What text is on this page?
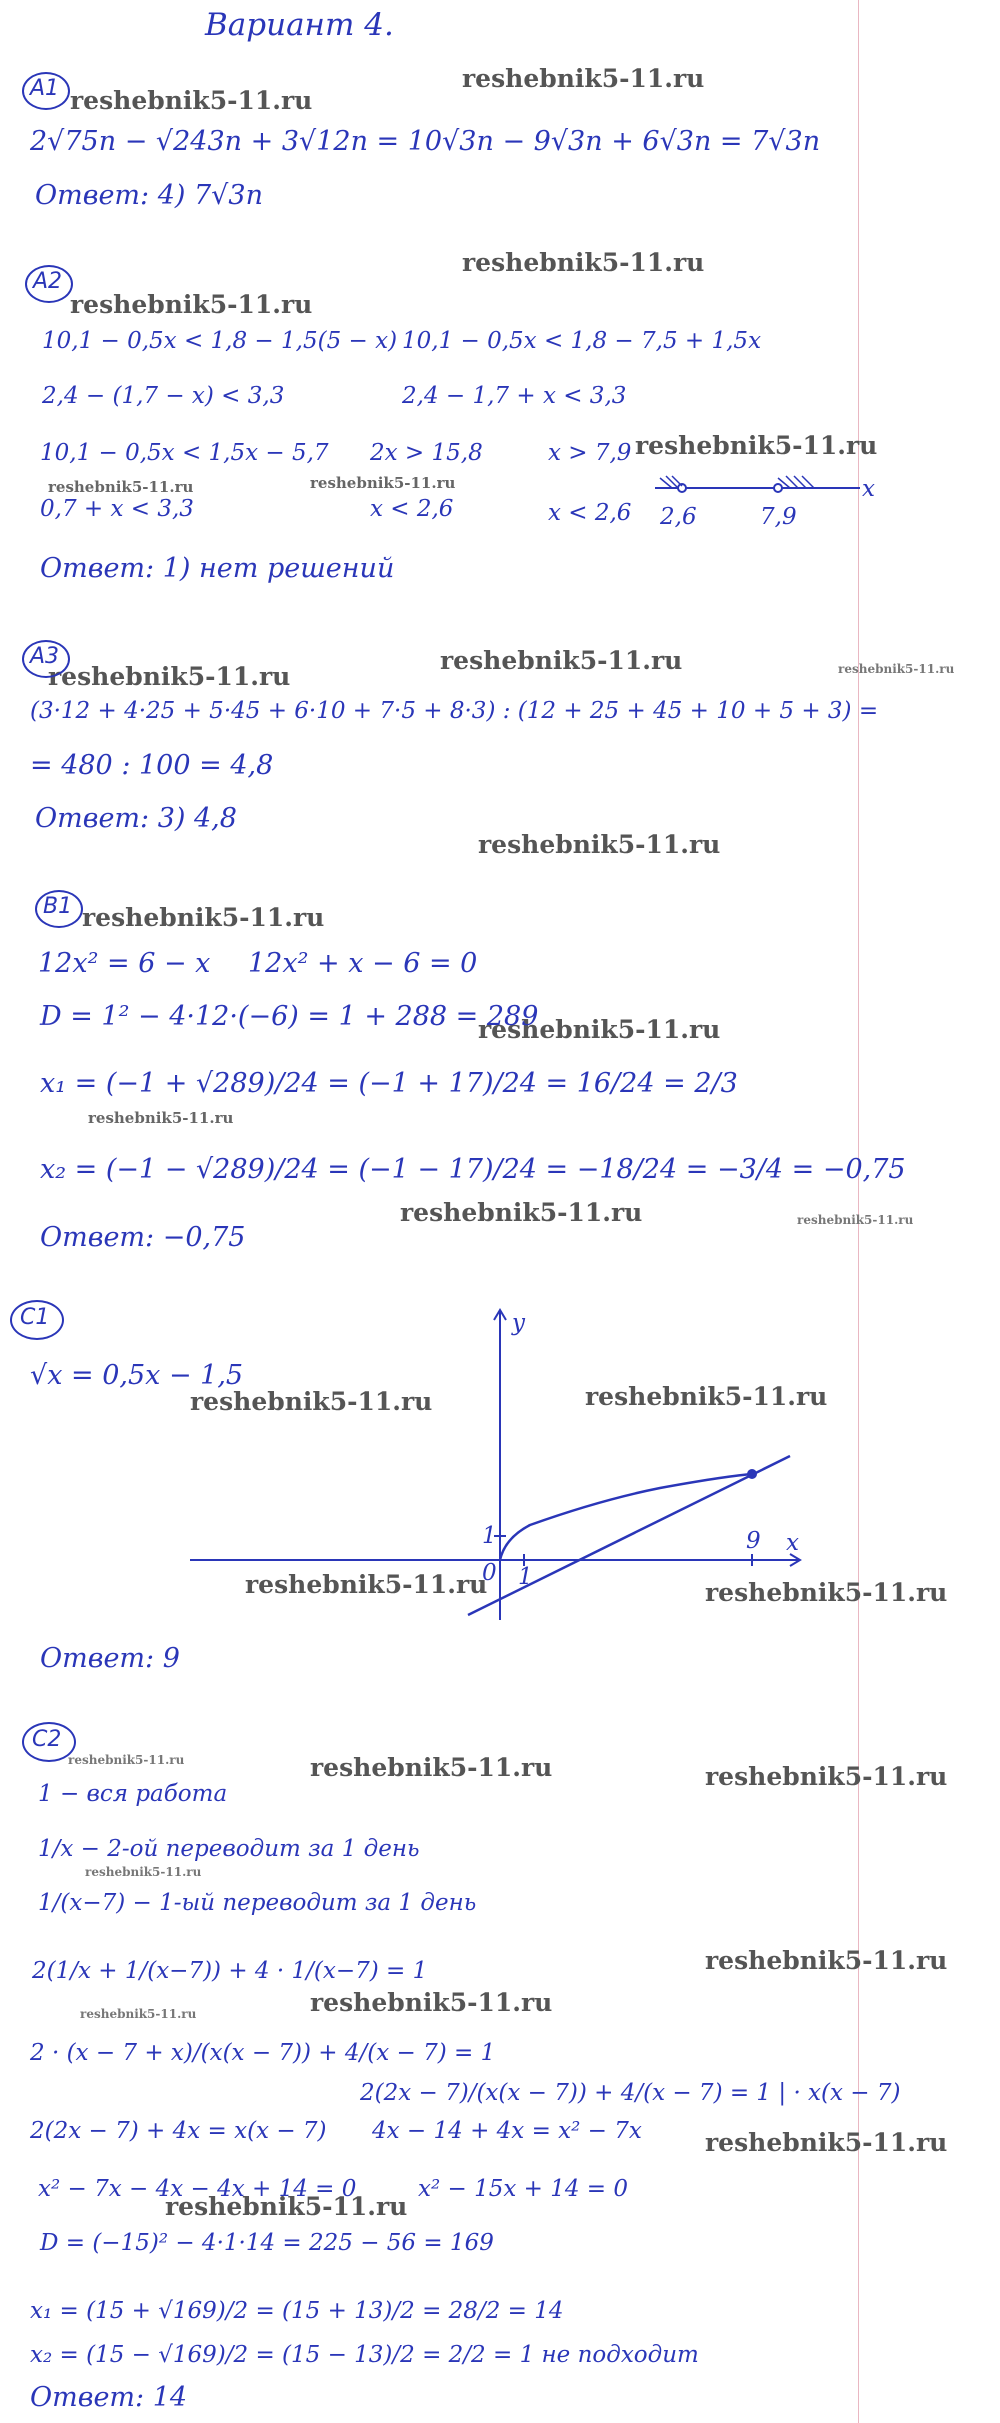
Вариант 4.
reshebnik5-11.ru
reshebnik5-11.ru
reshebnik5-11.ru
reshebnik5-11.ru
reshebnik5-11.ru
reshebnik5-11.ru	reshebnik5-11.ru
reshebnik5-11.ru
reshebnik5-11.ru	reshebnik5-11.ru
reshebnik5-11.ru
reshebnik5-11.ru
reshebnik5-11.ru
reshebnik5-11.ru
reshebnik5-11.ru	reshebnik5-11.ru
reshebnik5-11.ru	reshebnik5-11.ru
reshebnik5-11.ru	reshebnik5-11.ru
reshebnik5-11.ru	reshebnik5-11.ru	reshebnik5-11.ru
reshebnik5-11.ru
reshebnik5-11.ru
reshebnik5-11.ru
reshebnik5-11.ru
reshebnik5-11.ru
reshebnik5-11.ru
A1
2√75n − √243n + 3√12n = 10√3n − 9√3n + 6√3n = 7√3n
Ответ: 4) 7√3n
A2
10,1 − 0,5x < 1,8 − 1,5(5 − x)
2,4 − (1,7 − x) < 3,3
10,1 − 0,5x < 1,8 − 7,5 + 1,5x
2,4 − 1,7 + x < 3,3
10,1 − 0,5x < 1,5x − 5,7
0,7 + x < 3,3
2x > 15,8
x < 2,6
x > 7,9
x < 2,6 2,6	7,9
x
Ответ: 1) нет решений
A3
(3·12 + 4·25 + 5·45 + 6·10 + 7·5 + 8·3) : (12 + 25 + 45 + 10 + 5 + 3) =
= 480 : 100 = 4,8
Ответ: 3) 4,8
B1
12x² = 6 − x 12x² + x − 6 = 0
D = 1² − 4·12·(−6) = 1 + 288 = 289
x₁ = (−1 + √289)/24 = (−1 + 17)/24 = 16/24 = 2/3
x₂ = (−1 − √289)/24 = (−1 − 17)/24 = −18/24 = −3/4 = −0,75
Ответ: −0,75
C1
√x = 0,5x − 1,5
y
x
1
1
0
9
Ответ: 9
C2
1 − вся работа
1/x − 2-ой переводит за 1 день
1/(x−7) − 1-ый переводит за 1 день
2(1/x + 1/(x−7)) + 4 · 1/(x−7) = 1
2 · (x − 7 + x)/(x(x − 7)) + 4/(x − 7) = 1
2(2x − 7)/(x(x − 7)) + 4/(x − 7) = 1 | · x(x − 7)
2(2x − 7) + 4x = x(x − 7) 4x − 14 + 4x = x² − 7x
x² − 7x − 4x − 4x + 14 = 0	x² − 15x + 14 = 0
D = (−15)² − 4·1·14 = 225 − 56 = 169
x₁ = (15 + √169)/2 = (15 + 13)/2 = 28/2 = 14
x₂ = (15 − √169)/2 = (15 − 13)/2 = 2/2 = 1 не подходит
Ответ: 14
